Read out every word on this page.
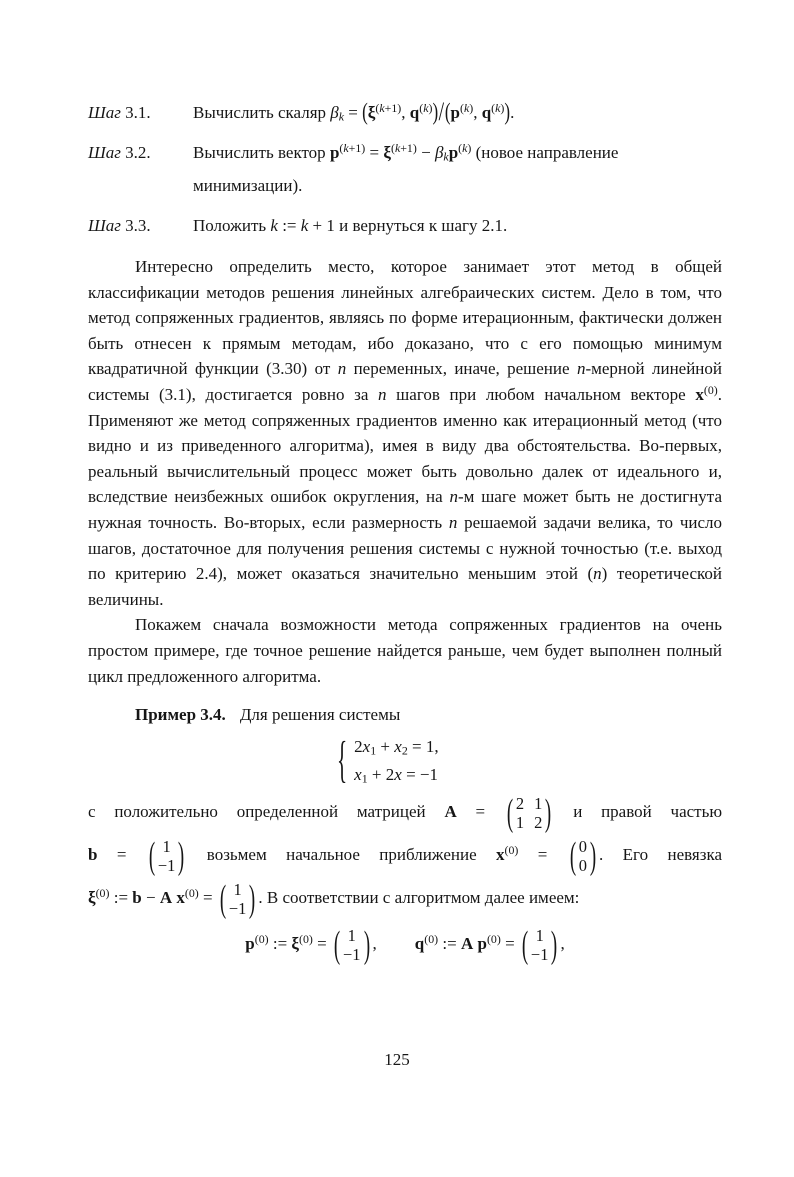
Шаг 3.1.	Вычислить скаляр $\beta_k = (\xi^{(k+1)}$, $q^{(k)})/(p^{(k)}$, $q^{(k)}$).
Шаг 3.2.	Вычислить вектор $p^{(k+1)} = \xi^{(k+1)} - \beta_kp^{(k)}$ (новое направление минимизации).
Шаг 3.3.	Положить k := k + 1 и вернуться к шагу 2.1.

Интересно определить место, которое занимает этот метод в общей классификации методов решения линейных алгебраических систем. Дело в том, что метод сопряженных градиентов, являясь по форме итерационным, фактически должен быть отнесен к прямым методам, ибо доказано, что с его помощью минимум квадратичной функции (3.30) от n переменных, иначе, решение n-мерной линейной системы (3.1), достигается ровно за n шагов при любом начальном векторе $x^{(0)}$. Применяют же метод сопряженных градиентов именно как итерационный метод (что видно и из приведенного алгоритма), имея в виду два обстоятельства. Во-первых, реальный вычислительный процесс может быть довольно далек от идеального и, вследствие неизбежных ошибок округления, на n-м шаге может быть не достигнута нужная точность. Во-вторых, если размерность n решаемой задачи велика, то число шагов, достаточное для получения решения системы с нужной точностью (т.е. выход по критерию 2.4), может оказаться значительно меньшим этой (n) теоретической величины.

Покажем сначала возможности метода сопряженных градиентов на очень простом примере, где точное решение найдется раньше, чем будет выполнен полный цикл предложенного алгоритма.

Пример 3.4. Для решения системы
{ $2x_1 + x_2 = 1$,
$x_1 + 2x = -1$
с положительно определенной матрицей A = ( 2 1
1 2 ) и правой частью
b = ( 1
−1 ) возьмем начальное приближение $x^{(0)}$ = ( 0
0 ) . Его невязка
$\xi^{(0)}$ := b − A $x^{(0)}$ = ( 1
−1 ) . В соответствии с алгоритмом далее имеем:
$p^{(0)}$ := $\xi^{(0)}$ = ( 1
−1 ) , $q^{(0)}$ := A $p^{(0)}$ = ( 1
−1 ) ,
125
